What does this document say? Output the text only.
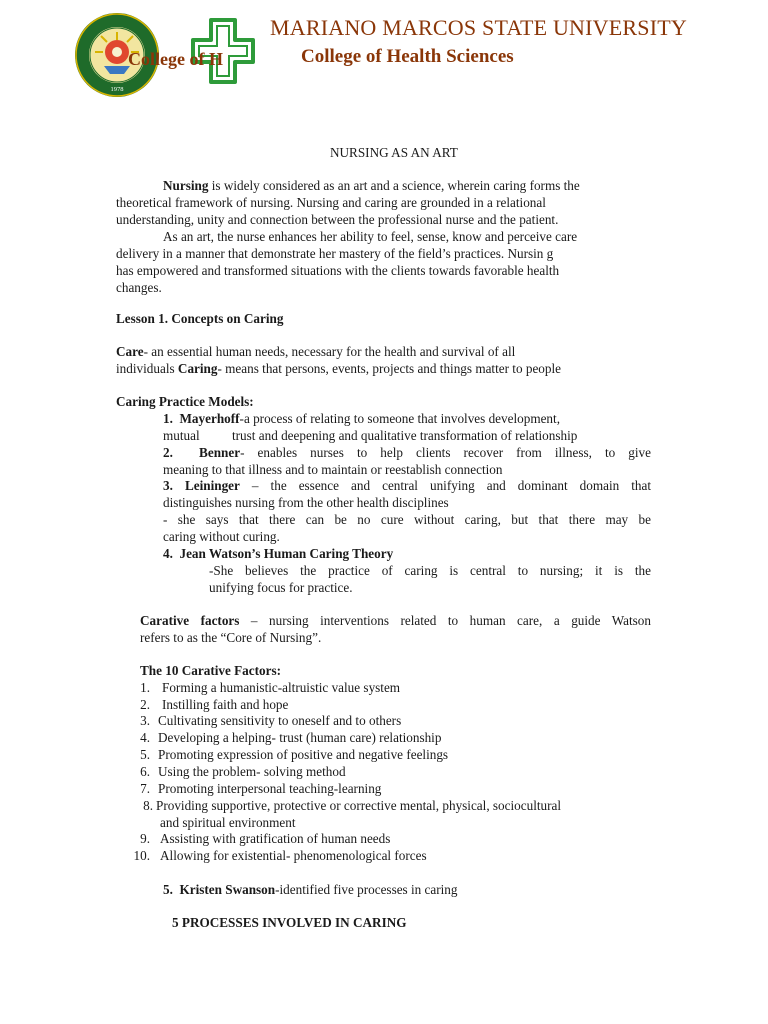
1978
College of H
MARIANO MARCOS STATE UNIVERSITY
College of Health Sciences
NURSING AS AN ART
Nursing is widely considered as an art and a science, wherein caring forms the
theoretical framework of nursing. Nursing and caring are grounded in a relational
understanding, unity and connection between the professional nurse and the patient.
As an art, the nurse enhances her ability to feel, sense, know and perceive care
delivery in a manner that demonstrate her mastery of the field’s practices. Nursin g
has empowered and transformed situations with the clients towards favorable health
changes.
Lesson 1. Concepts on Caring
Care- an essential human needs, necessary for the health and survival of all
individuals Caring- means that persons, events, projects and things matter to people
Caring Practice Models:
1. Mayerhoff-a process of relating to someone that involves development,
mutual trust and deepening and qualitative transformation of relationship
2. Benner- enables nurses to help clients recover from illness, to give
meaning to that illness and to maintain or reestablish connection
3. Leininger – the essence and central unifying and dominant domain that
distinguishes nursing from the other health disciplines
- she says that there can be no cure without caring, but that there may be
caring without curing.
4. Jean Watson’s Human Caring Theory
-She believes the practice of caring is central to nursing; it is the
unifying focus for practice.
Carative factors – nursing interventions related to human care, a guide Watson
refers to as the “Core of Nursing”.
The 10 Carative Factors:
1. Forming a humanistic-altruistic value system
2. Instilling faith and hope
3. Cultivating sensitivity to oneself and to others
4. Developing a helping- trust (human care) relationship
5. Promoting expression of positive and negative feelings
6. Using the problem- solving method
7. Promoting interpersonal teaching-learning
8. Providing supportive, protective or corrective mental, physical, sociocultural
9. Assisting with gratification of human needs
10. Allowing for existential- phenomenological forces
and spiritual environment
5. Kristen Swanson-identified five processes in caring
5 PROCESSES INVOLVED IN CARING
